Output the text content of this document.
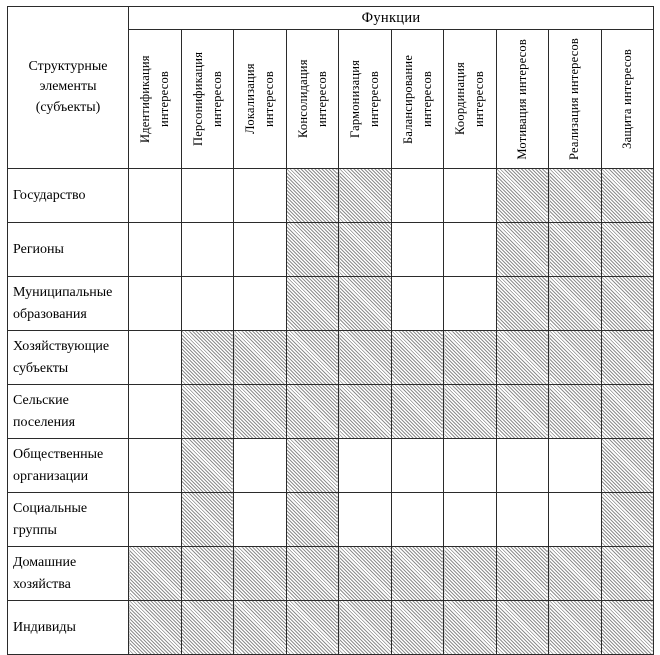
Структурные элементы (субъекты)	Функции									

	Идентификация интересов	Персонификация интересов	Локализация интересов	Консолидация интересов	Гармонизация интересов	Балансирование интересов	Координация интересов	Мотивация интересов	Реализация интересов	Защита интересов

Государство										
Регионы										
Муниципальные образования										
Хозяйствующие субъекты										
Сельские поселения										
Общественные организации										
Социальные группы										
Домашние хозяйства										
Индивиды										
